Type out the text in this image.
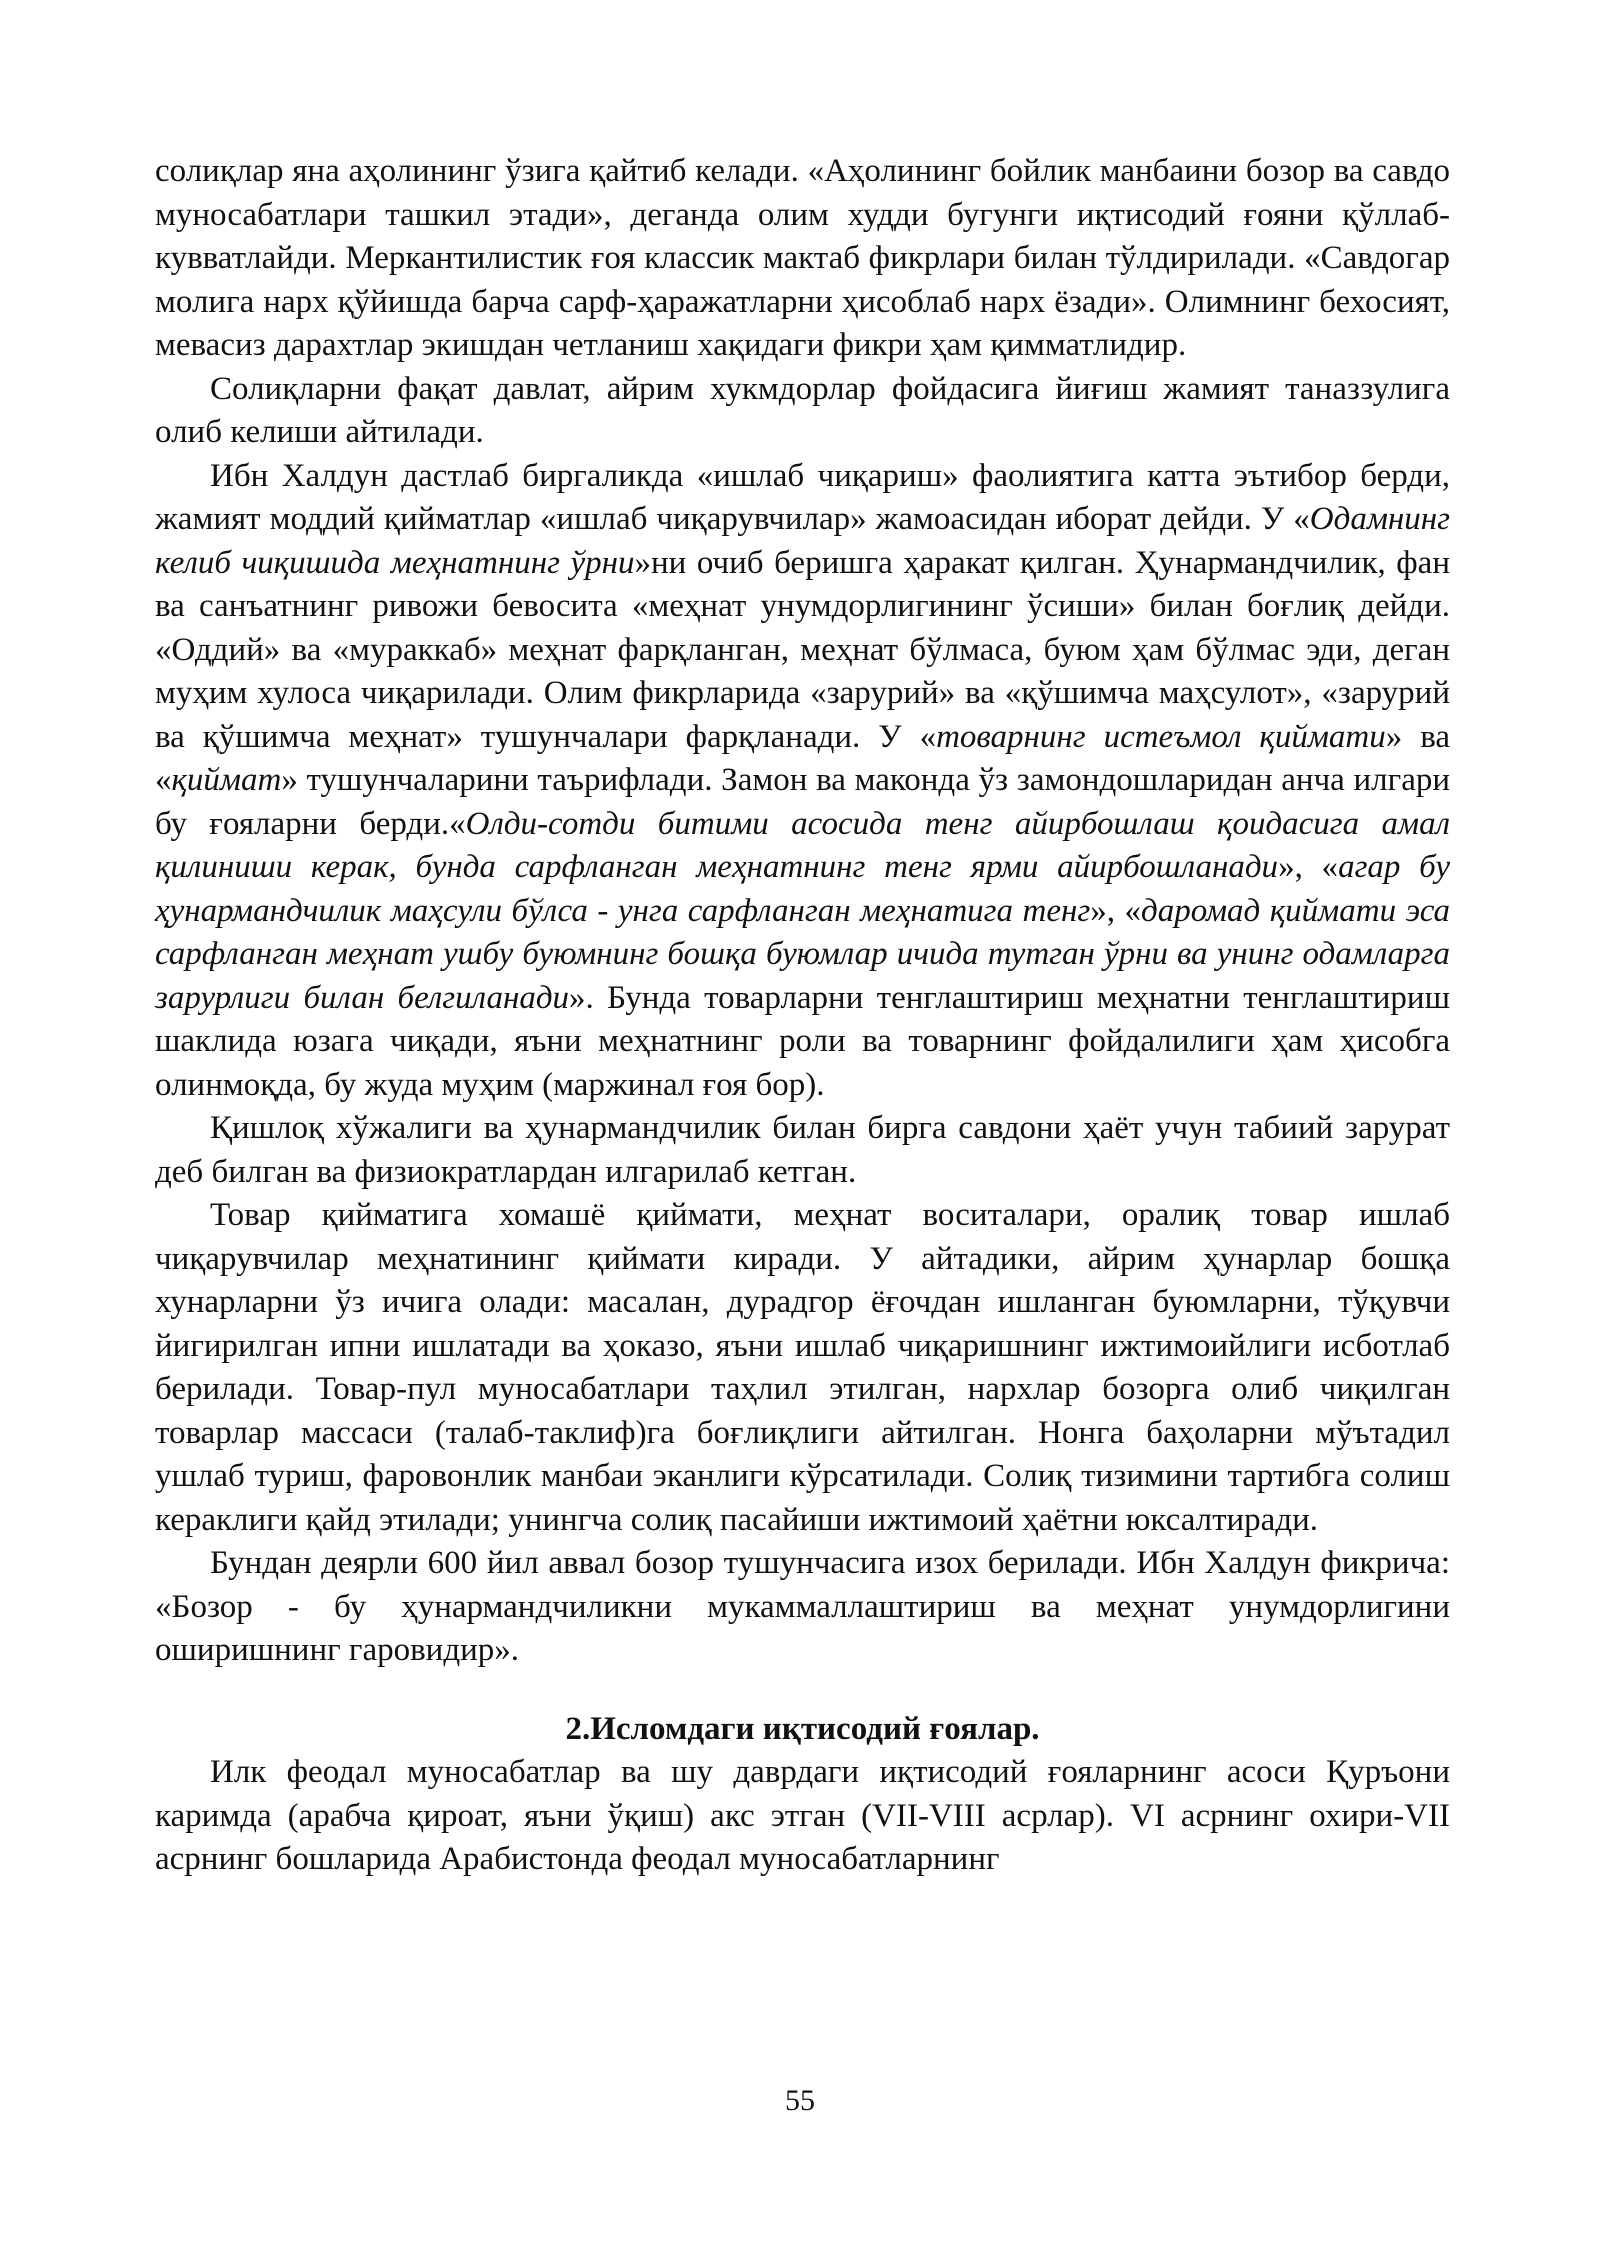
солиқлар яна аҳолининг ўзига қайтиб келади. «Аҳолининг бойлик манбаини бозор ва савдо муносабатлари ташкил этади», деганда олим худди бугунги иқтисодий ғояни қўллаб-кувватлайди. Меркантилистик ғоя классик мактаб фикрлари билан тўлдирилади. «Савдогар молига нарх қўйишда барча сарф-ҳаражатларни ҳисоблаб нарх ёзади». Олимнинг бехосият, мевасиз дарахтлар экишдан четланиш хақидаги фикри ҳам қимматлидир.

Солиқларни фақат давлат, айрим хукмдорлар фойдасига йиғиш жамият таназзулига олиб келиши айтилади.

Ибн Халдун дастлаб биргаликда «ишлаб чиқариш» фаолиятига катта эътибор берди, жамият моддий қийматлар «ишлаб чиқарувчилар» жамоасидан иборат дейди. У «Одамнинг келиб чиқишида меҳнатнинг ўрни»ни очиб беришга ҳаракат қилган. Ҳунармандчилик, фан ва санъатнинг ривожи бевосита «меҳнат унумдорлигининг ўсиши» билан боғлиқ дейди. «Оддий» ва «мураккаб» меҳнат фарқланган, меҳнат бўлмаса, буюм ҳам бўлмас эди, деган муҳим хулоса чиқарилади. Олим фикрларида «зарурий» ва «қўшимча маҳсулот», «зарурий ва қўшимча меҳнат» тушунчалари фарқланади. У «товарнинг истеъмол қиймати» ва «қиймат» тушунчаларини таърифлади. Замон ва маконда ўз замондошларидан анча илгари бу ғояларни берди.«Олди-сотди битими асосида тенг айирбошлаш қоидасига амал қилиниши керак, бунда сарфланган меҳнатнинг тенг ярми айирбошланади», «агар бу ҳунармандчилик маҳсули бўлса - унга сарфланган меҳнатига тенг», «даромад қиймати эса сарфланган меҳнат ушбу буюмнинг бошқа буюмлар ичида тутган ўрни ва унинг одамларга зарурлиги билан белгиланади». Бунда товарларни тенглаштириш меҳнатни тенглаштириш шаклида юзага чиқади, яъни меҳнатнинг роли ва товарнинг фойдалилиги ҳам ҳисобга олинмоқда, бу жуда муҳим (маржинал ғоя бор).

Қишлоқ хўжалиги ва ҳунармандчилик билан бирга савдони ҳаёт учун табиий зарурат деб билган ва физиократлардан илгарилаб кетган.

Товар қийматига хомашё қиймати, меҳнат воситалари, оралиқ товар ишлаб чиқарувчилар меҳнатининг қиймати киради. У айтадики, айрим ҳунарлар бошқа хунарларни ўз ичига олади: масалан, дурадгор ёғочдан ишланган буюмларни, тўқувчи йигирилган ипни ишлатади ва ҳоказо, яъни ишлаб чиқаришнинг ижтимоийлиги исботлаб берилади. Товар-пул муносабатлари таҳлил этилган, нархлар бозорга олиб чиқилган товарлар массаси (талаб-таклиф)га боғлиқлиги айтилган. Нонга баҳоларни мўътадил ушлаб туриш, фаровонлик манбаи эканлиги кўрсатилади. Солиқ тизимини тартибга солиш кераклиги қайд этилади; унингча солиқ пасайиши ижтимоий ҳаётни юксалтиради.

Бундан деярли 600 йил аввал бозор тушунчасига изох берилади. Ибн Халдун фикрича: «Бозор - бу ҳунармандчиликни мукаммаллаштириш ва меҳнат унумдорлигини оширишнинг гаровидир».

2.Исломдаги иқтисодий ғоялар.

Илк феодал муносабатлар ва шу даврдаги иқтисодий ғояларнинг асоси Қуръони каримда (арабча қироат, яъни ўқиш) акс этган (VII-VIII асрлар). VI асрнинг охири-VII асрнинг бошларида Арабистонда феодал муносабатларнинг

55
